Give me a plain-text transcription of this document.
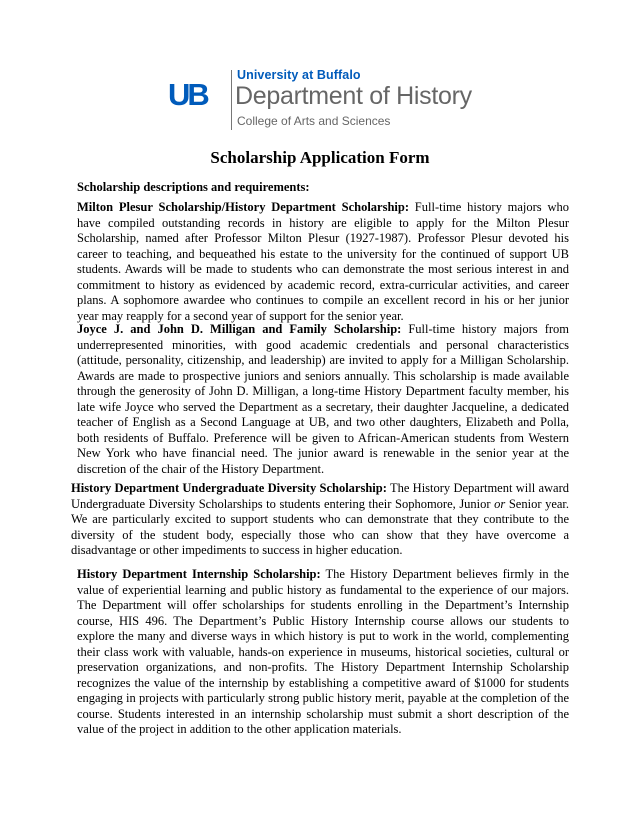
UB
University at Buffalo
Department of History
College of Arts and Sciences
Scholarship Application Form
Scholarship descriptions and requirements:
Milton Plesur Scholarship/History Department Scholarship: Full-time history majors who have compiled outstanding records in history are eligible to apply for the Milton Plesur Scholarship, named after Professor Milton Plesur (1927-1987). Professor Plesur devoted his career to teaching, and bequeathed his estate to the university for the continued of support UB students. Awards will be made to students who can demonstrate the most serious interest in and commitment to history as evidenced by academic record, extra-curricular activities, and career plans. A sophomore awardee who continues to compile an excellent record in his or her junior year may reapply for a second year of support for the senior year.
Joyce J. and John D. Milligan and Family Scholarship: Full-time history majors from underrepresented minorities, with good academic credentials and personal characteristics (attitude, personality, citizenship, and leadership) are invited to apply for a Milligan Scholarship. Awards are made to prospective juniors and seniors annually. This scholarship is made available through the generosity of John D. Milligan, a long-time History Department faculty member, his late wife Joyce who served the Department as a secretary, their daughter Jacqueline, a dedicated teacher of English as a Second Language at UB, and two other daughters, Elizabeth and Polla, both residents of Buffalo. Preference will be given to African-American students from Western New York who have financial need. The junior award is renewable in the senior year at the discretion of the chair of the History Department.
History Department Undergraduate Diversity Scholarship: The History Department will award Undergraduate Diversity Scholarships to students entering their Sophomore, Junior or Senior year. We are particularly excited to support students who can demonstrate that they contribute to the diversity of the student body, especially those who can show that they have overcome a disadvantage or other impediments to success in higher education.
History Department Internship Scholarship: The History Department believes firmly in the value of experiential learning and public history as fundamental to the experience of our majors. The Department will offer scholarships for students enrolling in the Department’s Internship course, HIS 496. The Department’s Public History Internship course allows our students to explore the many and diverse ways in which history is put to work in the world, complementing their class work with valuable, hands-on experience in museums, historical societies, cultural or preservation organizations, and non-profits. The History Department Internship Scholarship recognizes the value of the internship by establishing a competitive award of $1000 for students engaging in projects with particularly strong public history merit, payable at the completion of the course. Students interested in an internship scholarship must submit a short description of the value of the project in addition to the other application materials.
